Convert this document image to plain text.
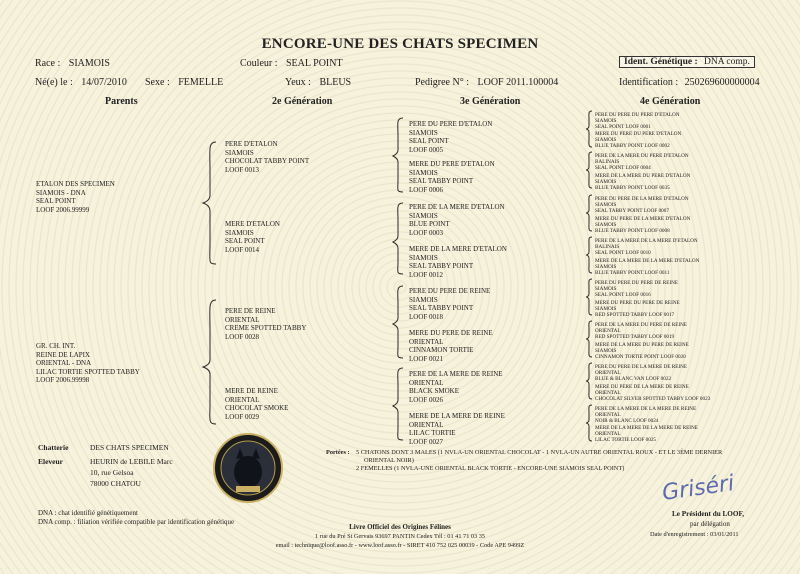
ENCORE-UNE DES CHATS SPECIMEN
Race : SIAMOIS	Couleur : SEAL POINT	Ident. Génétique : DNA comp.
Né(e) le : 14/07/2010 Sexe : FEMELLE	Yeux : BLEUS	Pedigree N° : LOOF 2011.100004	Identification : 250269600000004
Parents	2e Génération	3e Génération	4e Génération
ETALON DES SPECIMEN
SIAMOIS - DNA
SEAL POINT
LOOF 2006.99999
GR. CH. INT.
REINE DE LAPIX
ORIENTAL - DNA
LILAC TORTIE SPOTTED TABBY
LOOF 2006.99998
PERE D'ETALON
SIAMOIS
CHOCOLAT TABBY POINT
LOOF 0013
MERE D'ETALON
SIAMOIS
SEAL POINT
LOOF 0014
PERE DE REINE
ORIENTAL
CREME SPOTTED TABBY
LOOF 0028
MERE DE REINE
ORIENTAL
CHOCOLAT SMOKE
LOOF 0029
PERE DU PERE D'ETALON
SIAMOIS
SEAL POINT
LOOF 0005
MERE DU PERE D'ETALON
SIAMOIS
SEAL TABBY POINT
LOOF 0006
PERE DE LA MERE D'ETALON
SIAMOIS
BLUE POINT
LOOF 0003
MERE DE LA MERE D'ETALON
SIAMOIS
SEAL TABBY POINT
LOOF 0012
PERE DU PERE DE REINE
SIAMOIS
SEAL TABBY POINT
LOOF 0018
MERE DU PERE DE REINE
ORIENTAL
CINNAMON TORTIE
LOOF 0021
PERE DE LA MERE DE REINE
ORIENTAL
BLACK SMOKE
LOOF 0026
MERE DE LA MERE DE REINE
ORIENTAL
LILAC TORTIE
LOOF 0027
PERE DU PERE DU PERE D'ETALON
SIAMOIS
SEAL POINT LOOF 0001
MERE DU PERE DU PERE D'ETALON
SIAMOIS
BLUE TABBY POINT LOOF 0002
PERE DE LA MERE DU PERE D'ETALON
BALINAIS
SEAL POINT LOOF 0004
MERE DE LA MERE DU PERE D'ETALON
SIAMOIS
BLUE TABBY POINT LOOF 0035
PERE DU PERE DE LA MERE D'ETALON
SIAMOIS
SEAL TABBY POINT LOOF 0007
MERE DU PERE DE LA MERE D'ETALON
SIAMOIS
BLUE TABBY POINT LOOF 0008
PERE DE LA MERE DE LA MERE D'ETALON
BALINAIS
SEAL POINT LOOF 0010
MERE DE LA MERE DE LA MERE D'ETALON
SIAMOIS
BLUE TABBY POINT LOOF 0011
PERE DU PERE DU PERE DE REINE
SIAMOIS
SEAL POINT LOOF 0016
MERE DU PERE DU PERE DE REINE
SIAMOIS
RED SPOTTED TABBY LOOF 0017
PERE DE LA MERE DU PERE DE REINE
ORIENTAL
RED SPOTTED TABBY LOOF 0019
MERE DE LA MERE DU PERE DE REINE
SIAMOIS
CINNAMON TORTIE POINT LOOF 0020
PERE DU PERE DE LA MERE DE REINE
ORIENTAL
BLUE & BLANC VAN LOOF 0022
MERE DU PERE DE LA MERE DE REINE
ORIENTAL
CHOCOLAT SILVER SPOTTED TABBY LOOF 0023
PERE DE LA MERE DE LA MERE DE REINE
ORIENTAL
NOIR & BLANC LOOF 0024
MERE DE LA MERE DE LA MERE DE REINE
ORIENTAL
LILAC TORTIE LOOF 0025
Chatterie	DES CHATS SPECIMEN
Eleveur	HEURIN de LEBILE Marc
10, rue Gelsoa
78000 CHATOU
Portées : 5 CHATONS DONT 3 MALES (1 NVLA-UN ORIENTAL CHOCOLAT - 1 NVLA-UN AUTRE ORIENTAL ROUX - ET LE 3ÈME DERNIER
ORIENTAL NOIR)
2 FEMELLES (1 NVLA-UNE ORIENTAL BLACK TORTIE - ENCORE-UNE SIAMOIS SEAL POINT)
Griséri
DNA : chat identifié génétiquement
DNA comp. : filiation vérifiée compatible par identification génétique
Livre Officiel des Origines Félines
1 rue du Pré St Gervais 93697 PANTIN Cedex Tél : 01 41 71 03 35
email : technique@loof.asso.fr - www.loof.asso.fr - SIRET 410 752 025 00039 - Code APE 9499Z
Le Président du LOOF,
par délégation
Date d'enregistrement : 03/01/2011
